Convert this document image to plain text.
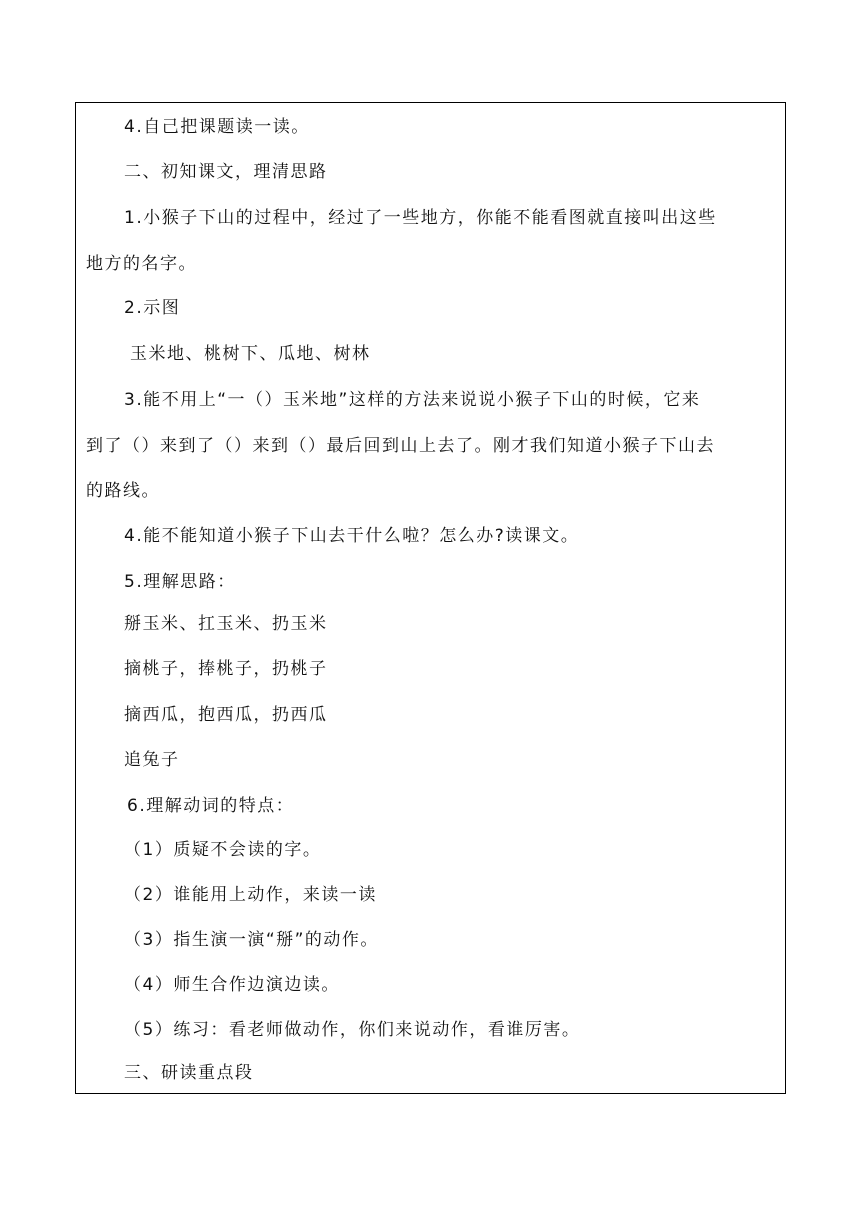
4.自己把课题读一读。
二、初知课文，理清思路
1.小猴子下山的过程中，经过了一些地方，你能不能看图就直接叫出这些
地方的名字。
2.示图
玉米地、桃树下、瓜地、树林
3.能不用上“一（）玉米地”这样的方法来说说小猴子下山的时候，它来
到了（）来到了（）来到（）最后回到山上去了。刚才我们知道小猴子下山去
的路线。
4.能不能知道小猴子下山去干什么啦？怎么办?读课文。
5.理解思路：
掰玉米、扛玉米、扔玉米
摘桃子，捧桃子，扔桃子
摘西瓜，抱西瓜，扔西瓜
追兔子
6.理解动词的特点：
（1）质疑不会读的字。
（2）谁能用上动作，来读一读
（3）指生演一演“掰”的动作。
（4）师生合作边演边读。
（5）练习：看老师做动作，你们来说动作，看谁厉害。
三、研读重点段
